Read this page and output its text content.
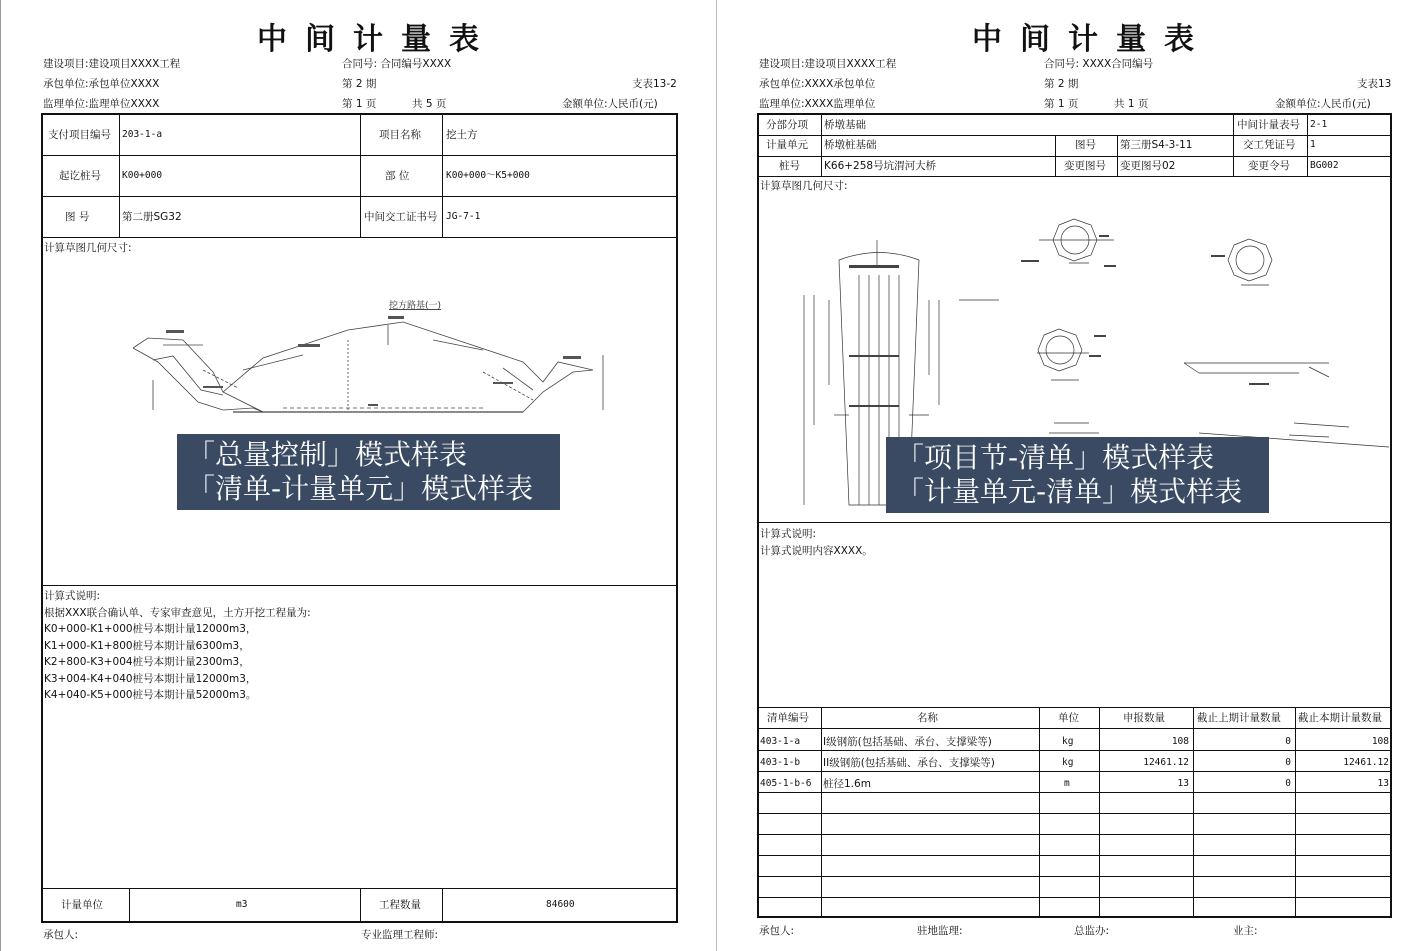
中间计量表
建设项目:建设项目XXXX工程	合同号: 合同编号XXXX
承包单位:承包单位XXXX	第 2 期	支表13-2
监理单位:监理单位XXXX	第 1 页	共 5 页	金额单位:人民币(元)
支付项目编号 203-1-a	项目名称 挖土方
起讫桩号 K00+000	部 位	K00+000～K5+000
图 号	第二册SG32	中间交工证书号 JG-7-1
计算草图几何尺寸:
挖方路基(一)
计算式说明:
根据XXX联合确认单、专家审查意见，土方开挖工程量为:
K0+000-K1+000桩号本期计量12000m3，
K1+000-K1+800桩号本期计量6300m3，
K2+800-K3+004桩号本期计量2300m3，
K3+004-K4+040桩号本期计量12000m3，
K4+040-K5+000桩号本期计量52000m3。
计量单位	m3	工程数量	84600
承包人:	专业监理工程师:
「总量控制」模式样表
「清单-计量单元」模式样表
中间计量表
建设项目:建设项目XXXX工程	合同号: XXXX合同编号
承包单位:XXXX承包单位	第 2 期	支表13
监理单位:XXXX监理单位	第 1 页	共 1 页	金额单位:人民币(元)
分部分项 桥墩基础	中间计量表号 2-1
计量单元 桥墩桩基础	图号 第三册S4-3-11	交工凭证号 1
桩号 K66+258号坑渭河大桥	变更图号 变更图号02	变更令号 BG002
计算草图几何尺寸:
计算式说明:
计算式说明内容XXXX。
清单编号	名称	单位	申报数量	截止上期计量数量 截止本期计量数量
403-1-a I级钢筋(包括基础、承台、支撑梁等)	kg	108	0	108
403-1-b II级钢筋(包括基础、承台、支撑梁等)	kg	12461.12	0	12461.12
405-1-b-6 桩径1.6m	m	13	0	13
承包人:	驻地监理:	总监办:	业主:
「项目节-清单」模式样表
「计量单元-清单」模式样表
